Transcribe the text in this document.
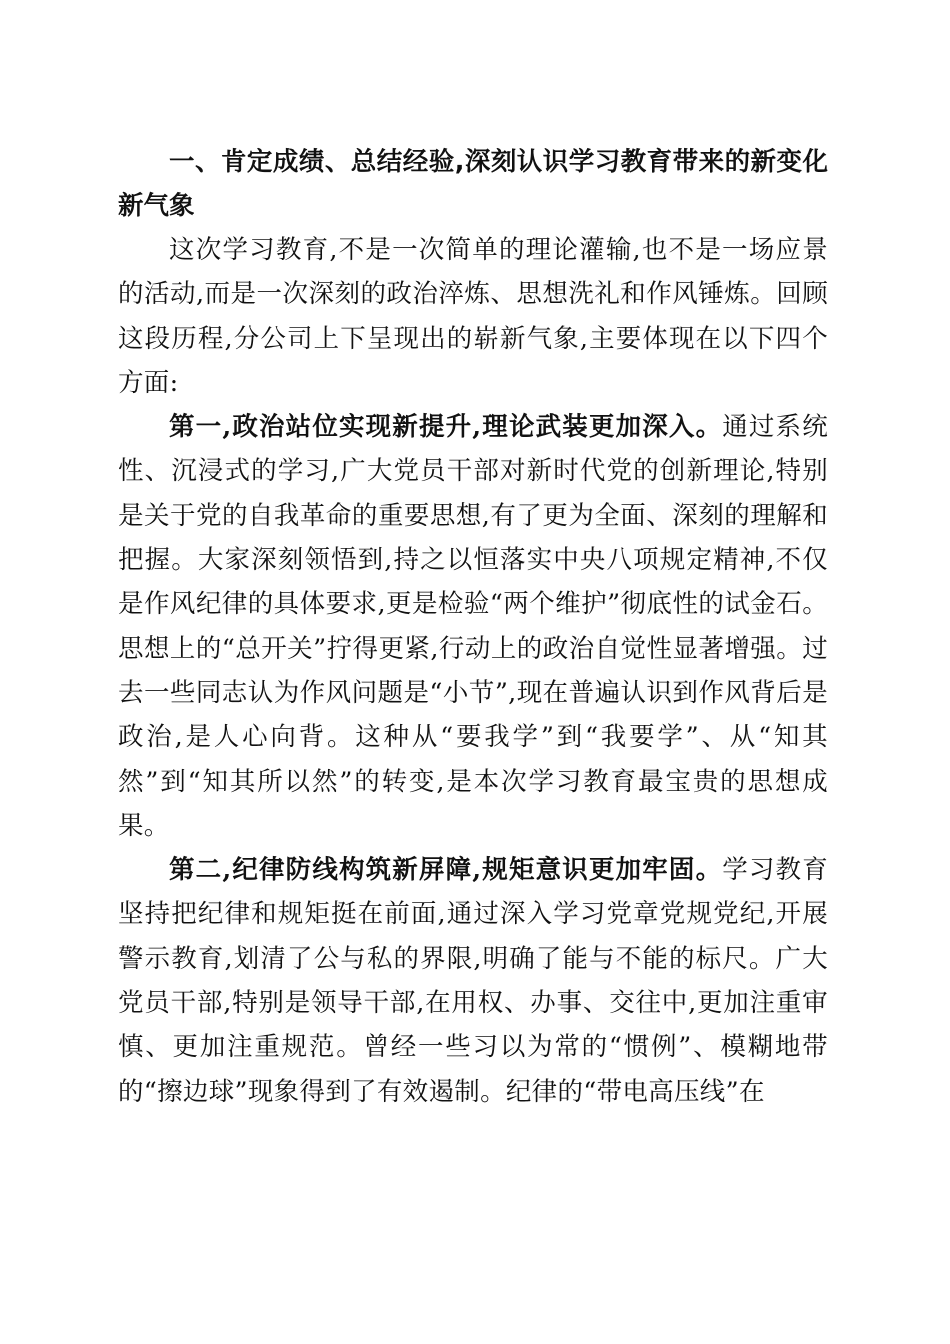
一、肯定成绩、总结经验,深刻认识学习教育带来的新变化新气象

这次学习教育,不是一次简单的理论灌输,也不是一场应景的活动,而是一次深刻的政治淬炼、思想洗礼和作风锤炼。回顾这段历程,分公司上下呈现出的崭新气象,主要体现在以下四个方面:

第一,政治站位实现新提升,理论武装更加深入。通过系统性、沉浸式的学习,广大党员干部对新时代党的创新理论,特别是关于党的自我革命的重要思想,有了更为全面、深刻的理解和把握。大家深刻领悟到,持之以恒落实中央八项规定精神,不仅是作风纪律的具体要求,更是检验“两个维护”彻底性的试金石。思想上的“总开关”拧得更紧,行动上的政治自觉性显著增强。过去一些同志认为作风问题是“小节”,现在普遍认识到作风背后是政治,是人心向背。这种从“要我学”到“我要学”、从“知其然”到“知其所以然”的转变,是本次学习教育最宝贵的思想成果。

第二,纪律防线构筑新屏障,规矩意识更加牢固。学习教育坚持把纪律和规矩挺在前面,通过深入学习党章党规党纪,开展警示教育,划清了公与私的界限,明确了能与不能的标尺。广大党员干部,特别是领导干部,在用权、办事、交往中,更加注重审慎、更加注重规范。曾经一些习以为常的“惯例”、模糊地带的“擦边球”现象得到了有效遏制。纪律的“带电高压线”在
